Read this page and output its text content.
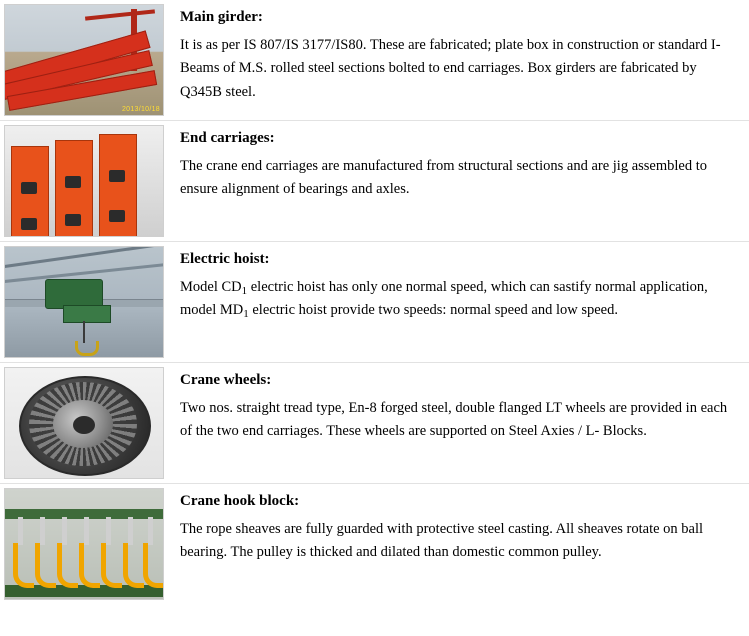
2013/10/18	Main girder:

It is as per IS 807/IS 3177/IS80. These are fabricated; plate box in construction or standard I-Beams of M.S. rolled steel sections bolted to end carriages. Box girders are fabricated by Q345B steel.

	End carriages:

The crane end carriages are manufactured from structural sections and are jig assembled to ensure alignment of bearings and axles.

	Electric hoist:

Model $CD_1$ electric hoist has only one normal speed, which can sastify normal application, model $MD_1$ electric hoist provide two speeds: normal speed and low speed.

	Crane wheels:

Two nos. straight tread type, En-8 forged steel, double flanged LT wheels are provided in each of the two end carriages. These wheels are supported on Steel Axies / L- Blocks.

	Crane hook block:

The rope sheaves are fully guarded with protective steel casting. All sheaves rotate on ball bearing. The pulley is thicked and dilated than domestic common pulley.
